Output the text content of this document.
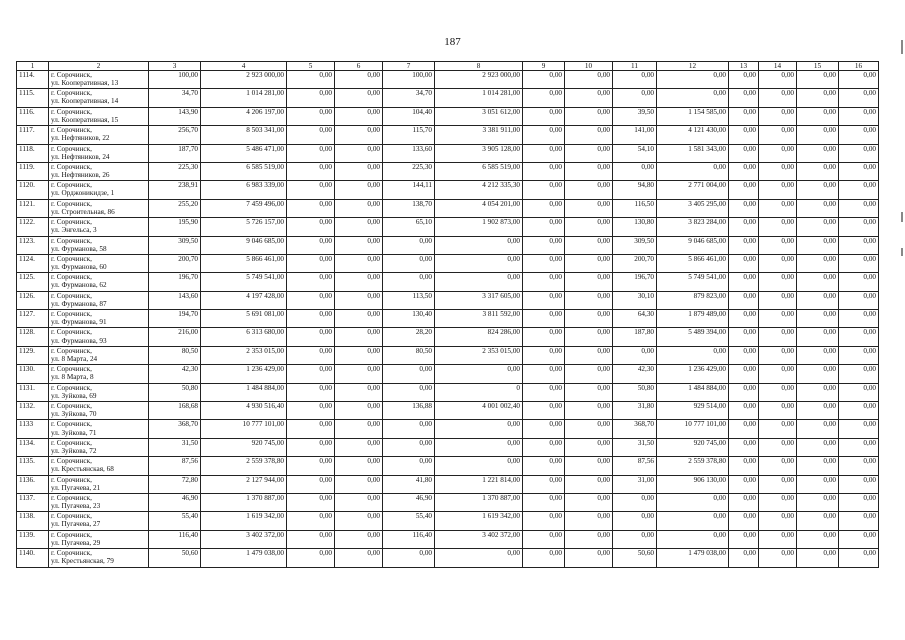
187
1	2	3	4	5	6	7	8	9	10	11	12	13	14	15	16
1114.	г. Сорочинск,
ул. Кооперативная, 13	100,00	2 923 000,00	0,00	0,00	100,00	2 923 000,00	0,00	0,00	0,00	0,00	0,00	0,00	0,00	0,00
1115.	г. Сорочинск,
ул. Кооперативная, 14	34,70	1 014 281,00	0,00	0,00	34,70	1 014 281,00	0,00	0,00	0,00	0,00	0,00	0,00	0,00	0,00
1116.	г. Сорочинск,
ул. Кооперативная, 15	143,90	4 206 197,00	0,00	0,00	104,40	3 051 612,00	0,00	0,00	39,50	1 154 585,00	0,00	0,00	0,00	0,00
1117.	г. Сорочинск,
ул. Нефтяников, 22	256,70	8 503 341,00	0,00	0,00	115,70	3 381 911,00	0,00	0,00	141,00	4 121 430,00	0,00	0,00	0,00	0,00
1118.	г. Сорочинск,
ул. Нефтяников, 24	187,70	5 486 471,00	0,00	0,00	133,60	3 905 128,00	0,00	0,00	54,10	1 581 343,00	0,00	0,00	0,00	0,00
1119.	г. Сорочинск,
ул. Нефтяников, 26	225,30	6 585 519,00	0,00	0,00	225,30	6 585 519,00	0,00	0,00	0,00	0,00	0,00	0,00	0,00	0,00
1120.	г. Сорочинск,
ул. Орджоникидзе, 1	238,91	6 983 339,00	0,00	0,00	144,11	4 212 335,30	0,00	0,00	94,80	2 771 004,00	0,00	0,00	0,00	0,00
1121.	г. Сорочинск,
ул. Строительная, 86	255,20	7 459 496,00	0,00	0,00	138,70	4 054 201,00	0,00	0,00	116,50	3 405 295,00	0,00	0,00	0,00	0,00
1122.	г. Сорочинск,
ул. Энгельса, 3	195,90	5 726 157,00	0,00	0,00	65,10	1 902 873,00	0,00	0,00	130,80	3 823 284,00	0,00	0,00	0,00	0,00
1123.	г. Сорочинск,
ул. Фурманова, 58	309,50	9 046 685,00	0,00	0,00	0,00	0,00	0,00	0,00	309,50	9 046 685,00	0,00	0,00	0,00	0,00
1124.	г. Сорочинск,
ул. Фурманова, 60	200,70	5 866 461,00	0,00	0,00	0,00	0,00	0,00	0,00	200,70	5 866 461,00	0,00	0,00	0,00	0,00
1125.	г. Сорочинск,
ул. Фурманова, 62	196,70	5 749 541,00	0,00	0,00	0,00	0,00	0,00	0,00	196,70	5 749 541,00	0,00	0,00	0,00	0,00
1126.	г. Сорочинск,
ул. Фурманова, 87	143,60	4 197 428,00	0,00	0,00	113,50	3 317 605,00	0,00	0,00	30,10	879 823,00	0,00	0,00	0,00	0,00
1127.	г. Сорочинск,
ул. Фурманова, 91	194,70	5 691 081,00	0,00	0,00	130,40	3 811 592,00	0,00	0,00	64,30	1 879 489,00	0,00	0,00	0,00	0,00
1128.	г. Сорочинск,
ул. Фурманова, 93	216,00	6 313 680,00	0,00	0,00	28,20	824 286,00	0,00	0,00	187,80	5 489 394,00	0,00	0,00	0,00	0,00
1129.	г. Сорочинск,
ул. 8 Марта, 24	80,50	2 353 015,00	0,00	0,00	80,50	2 353 015,00	0,00	0,00	0,00	0,00	0,00	0,00	0,00	0,00
1130.	г. Сорочинск,
ул. 8 Марта, 8	42,30	1 236 429,00	0,00	0,00	0,00	0,00	0,00	0,00	42,30	1 236 429,00	0,00	0,00	0,00	0,00
1131.	г. Сорочинск,
ул. Зуйкова, 69	50,80	1 484 884,00	0,00	0,00	0,00	0	0,00	0,00	50,80	1 484 884,00	0,00	0,00	0,00	0,00
1132.	г. Сорочинск,
ул. Зуйкова, 70	168,68	4 930 516,40	0,00	0,00	136,88	4 001 002,40	0,00	0,00	31,80	929 514,00	0,00	0,00	0,00	0,00
1133	г. Сорочинск,
ул. Зуйкова, 71	368,70	10 777 101,00	0,00	0,00	0,00	0,00	0,00	0,00	368,70	10 777 101,00	0,00	0,00	0,00	0,00
1134.	г. Сорочинск,
ул. Зуйкова, 72	31,50	920 745,00	0,00	0,00	0,00	0,00	0,00	0,00	31,50	920 745,00	0,00	0,00	0,00	0,00
1135.	г. Сорочинск,
ул. Крестьянская, 68	87,56	2 559 378,80	0,00	0,00	0,00	0,00	0,00	0,00	87,56	2 559 378,80	0,00	0,00	0,00	0,00
1136.	г. Сорочинск,
ул. Пугачева, 21	72,80	2 127 944,00	0,00	0,00	41,80	1 221 814,00	0,00	0,00	31,00	906 130,00	0,00	0,00	0,00	0,00
1137.	г. Сорочинск,
ул. Пугачева, 23	46,90	1 370 887,00	0,00	0,00	46,90	1 370 887,00	0,00	0,00	0,00	0,00	0,00	0,00	0,00	0,00
1138.	г. Сорочинск,
ул. Пугачева, 27	55,40	1 619 342,00	0,00	0,00	55,40	1 619 342,00	0,00	0,00	0,00	0,00	0,00	0,00	0,00	0,00
1139.	г. Сорочинск,
ул. Пугачева, 29	116,40	3 402 372,00	0,00	0,00	116,40	3 402 372,00	0,00	0,00	0,00	0,00	0,00	0,00	0,00	0,00
1140.	г. Сорочинск,
ул. Крестьянская, 79	50,60	1 479 038,00	0,00	0,00	0,00	0,00	0,00	0,00	50,60	1 479 038,00	0,00	0,00	0,00	0,00
